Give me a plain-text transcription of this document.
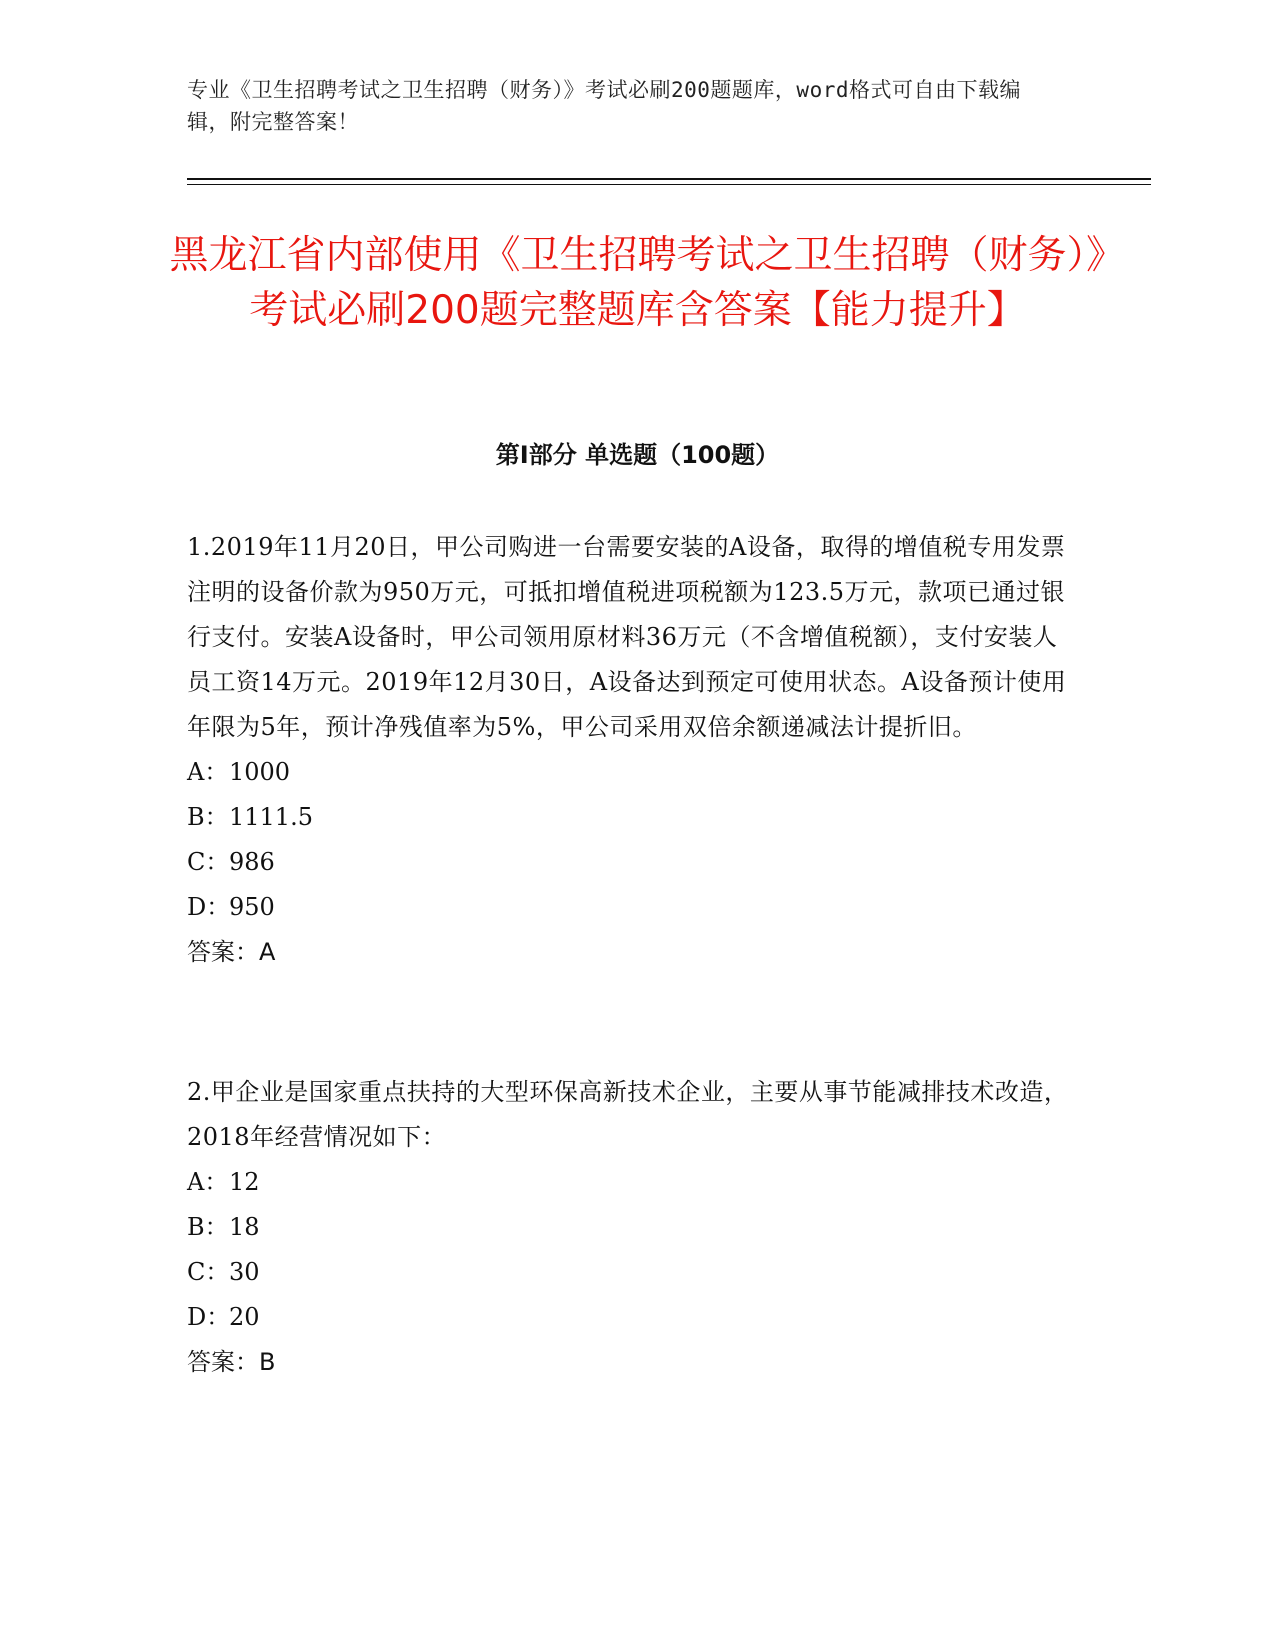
专业《卫生招聘考试之卫生招聘（财务）》考试必刷200题题库，word格式可自由下载编辑，附完整答案！
黑龙江省内部使用《卫生招聘考试之卫生招聘（财务）》考试必刷200题完整题库含答案【能力提升】
第Ⅰ部分 单选题（100题）

1.2019年11月20日，甲公司购进一台需要安装的A设备，取得的增值税专用发票注明的设备价款为950万元，可抵扣增值税进项税额为123.5万元，款项已通过银行支付。安装A设备时，甲公司领用原材料36万元（不含增值税额），支付安装人员工资14万元。2019年12月30日，A设备达到预定可使用状态。A设备预计使用年限为5年，预计净残值率为5%，甲公司采用双倍余额递减法计提折旧。

A：1000

B：1111.5

C：986

D：950

答案：A

2.甲企业是国家重点扶持的大型环保高新技术企业，主要从事节能减排技术改造，2018年经营情况如下：

A：12

B：18

C：30

D：20

答案：B
